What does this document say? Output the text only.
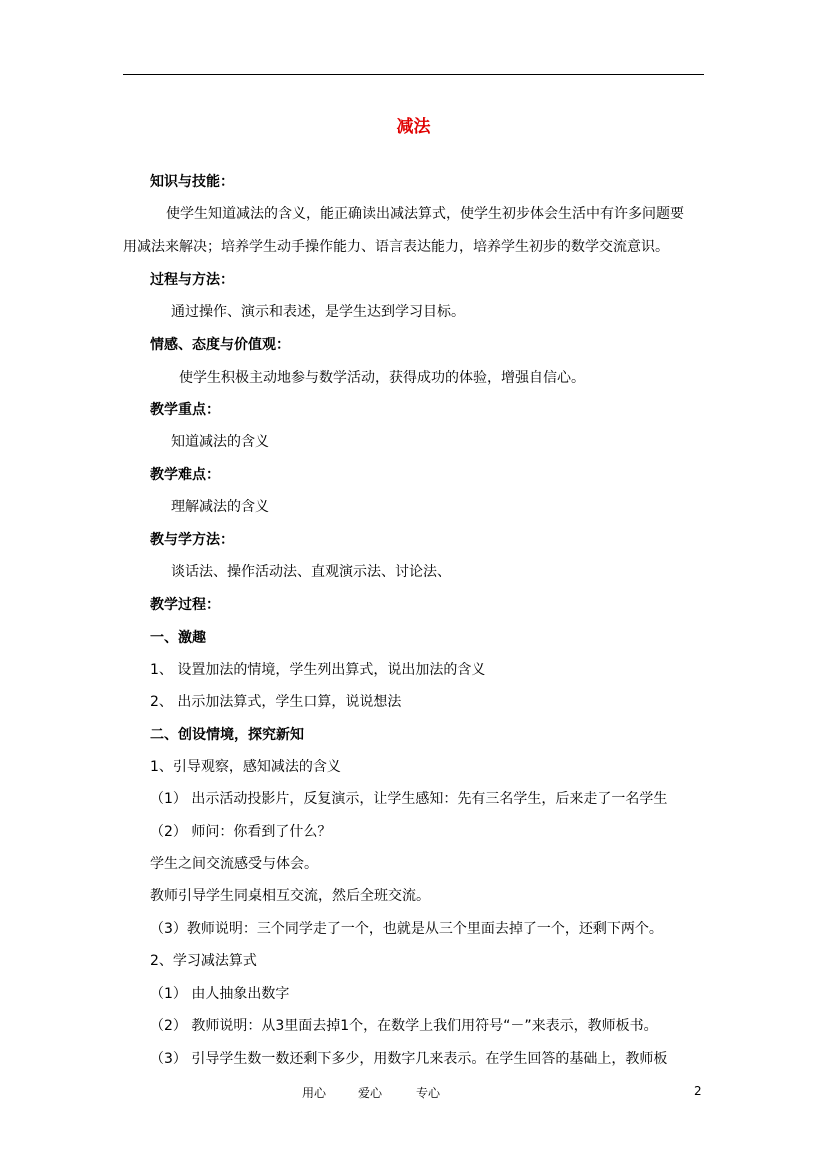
减法
知识与技能：
使学生知道减法的含义，能正确读出减法算式，使学生初步体会生活中有许多问题要
用减法来解决；培养学生动手操作能力、语言表达能力，培养学生初步的数学交流意识。
过程与方法：
通过操作、演示和表述，是学生达到学习目标。
情感、态度与价值观：
使学生积极主动地参与数学活动，获得成功的体验，增强自信心。
教学重点：
知道减法的含义
教学难点：
理解减法的含义
教与学方法：
谈话法、操作活动法、直观演示法、讨论法、
教学过程：
一、激趣
1、 设置加法的情境，学生列出算式，说出加法的含义
2、 出示加法算式，学生口算，说说想法
二、创设情境，探究新知
1、引导观察，感知减法的含义
（1） 出示活动投影片，反复演示，让学生感知：先有三名学生，后来走了一名学生
（2） 师问：你看到了什么？
学生之间交流感受与体会。
教师引导学生同桌相互交流，然后全班交流。
（3）教师说明：三个同学走了一个，也就是从三个里面去掉了一个，还剩下两个。
2、学习减法算式
（1） 由人抽象出数字
（2） 教师说明：从3里面去掉1个，在数学上我们用符号“－”来表示，教师板书。
（3） 引导学生数一数还剩下多少，用数字几来表示。在学生回答的基础上，教师板
用心	爱心	专心	2
